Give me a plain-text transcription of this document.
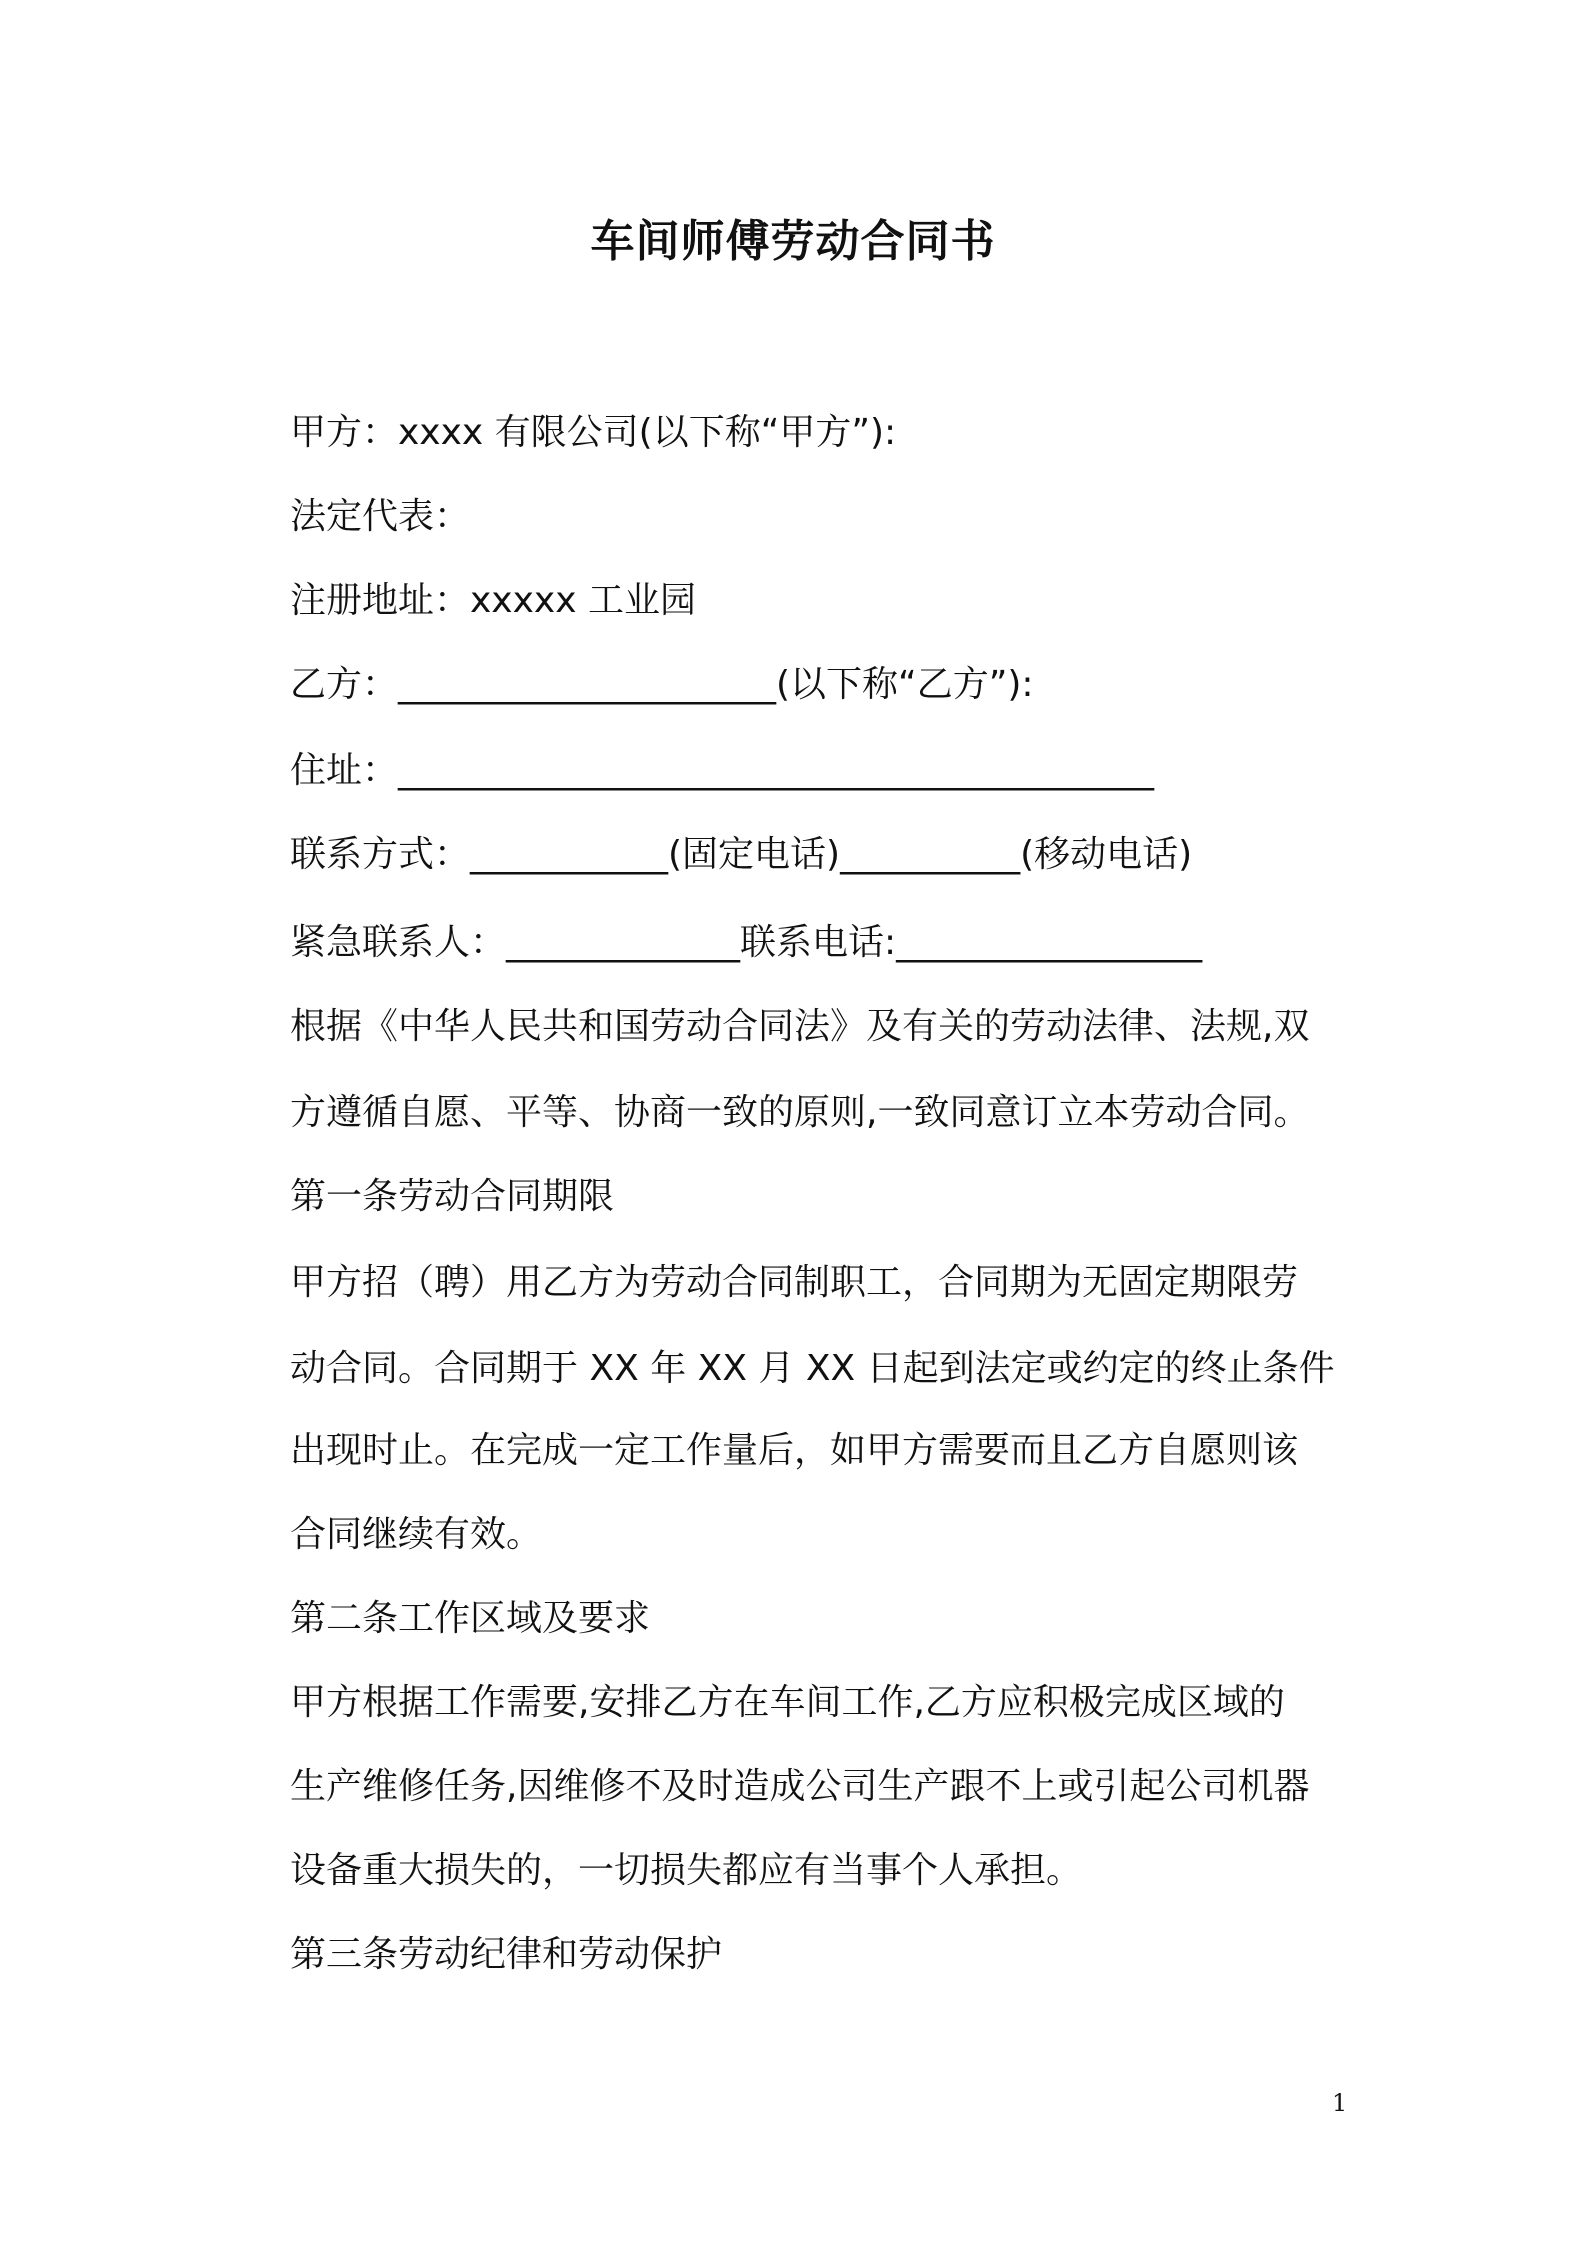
车间师傅劳动合同书
甲方：xxxx 有限公司(以下称“甲方”):
法定代表：
注册地址：xxxxx 工业园
乙方：_____________________(以下称“乙方”):
住址：__________________________________________
联系方式：___________(固定电话)__________(移动电话)
紧急联系人：_____________联系电话:_________________
根据《中华人民共和国劳动合同法》及有关的劳动法律、法规,双
方遵循自愿、平等、协商一致的原则,一致同意订立本劳动合同。
第一条劳动合同期限
甲方招（聘）用乙方为劳动合同制职工，合同期为无固定期限劳
动合同。合同期于 XX 年 XX 月 XX 日起到法定或约定的终止条件
出现时止。在完成一定工作量后，如甲方需要而且乙方自愿则该
合同继续有效。
第二条工作区域及要求
甲方根据工作需要,安排乙方在车间工作,乙方应积极完成区域的
生产维修任务,因维修不及时造成公司生产跟不上或引起公司机器
设备重大损失的，一切损失都应有当事个人承担。
第三条劳动纪律和劳动保护
1
